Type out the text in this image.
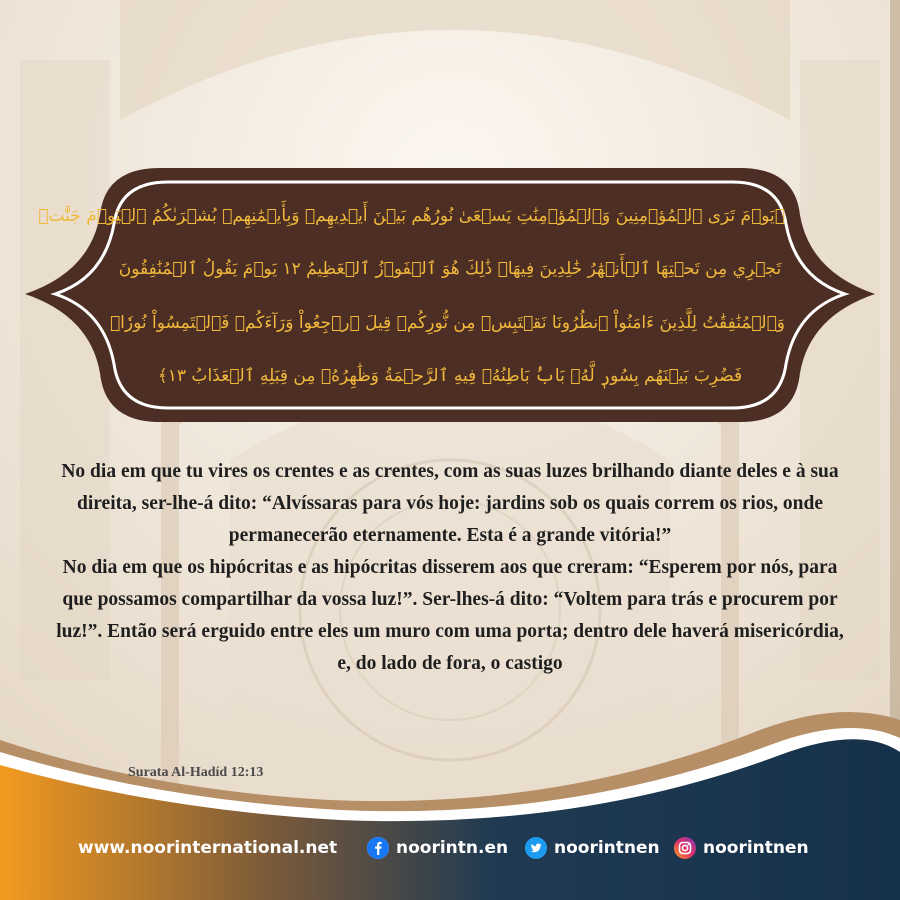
﴿يَوۡمَ تَرَى ٱلۡمُؤۡمِنِينَ وَٱلۡمُؤۡمِنَٰتِ يَسۡعَىٰ نُورُهُم بَيۡنَ أَيۡدِيهِمۡ وَبِأَيۡمَٰنِهِمۖ بُشۡرَىٰكُمُ ٱلۡيَوۡمَ جَنَّٰتٞ
تَجۡرِي مِن تَحۡتِهَا ٱلۡأَنۡهَٰرُ خَٰلِدِينَ فِيهَاۚ ذَٰلِكَ هُوَ ٱلۡفَوۡزُ ٱلۡعَظِيمُ ١٢ يَوۡمَ يَقُولُ ٱلۡمُنَٰفِقُونَ
وَٱلۡمُنَٰفِقَٰتُ لِلَّذِينَ ءَامَنُواْ ٱنظُرُونَا نَقۡتَبِسۡ مِن نُّورِكُمۡ قِيلَ ٱرۡجِعُواْ وَرَآءَكُمۡ فَٱلۡتَمِسُواْ نُورٗاۖ
فَضُرِبَ بَيۡنَهُم بِسُورٖ لَّهُۥ بَابُۢ بَاطِنُهُۥ فِيهِ ٱلرَّحۡمَةُ وَظَٰهِرُهُۥ مِن قِبَلِهِ ٱلۡعَذَابُ ١٣﴾

No dia em que tu vires os crentes e as crentes, com as suas luzes brilhando diante deles e à sua direita, ser-lhe-á dito: “Alvíssaras para vós hoje: jardins sob os quais correm os rios, onde permanecerão eternamente. Esta é a grande vitória!”

No dia em que os hipócritas e as hipócritas disserem aos que creram: “Esperem por nós, para que possamos compartilhar da vossa luz!”. Ser-lhes-á dito: “Voltem para trás e procurem por luz!”. Então será erguido entre eles um muro com uma porta; dentro dele haverá misericórdia, e, do lado de fora, o castigo

Surata Al-Hadíd 12:13
www.noorinternational.net	noorintn.en	noorintnen	noorintnen
